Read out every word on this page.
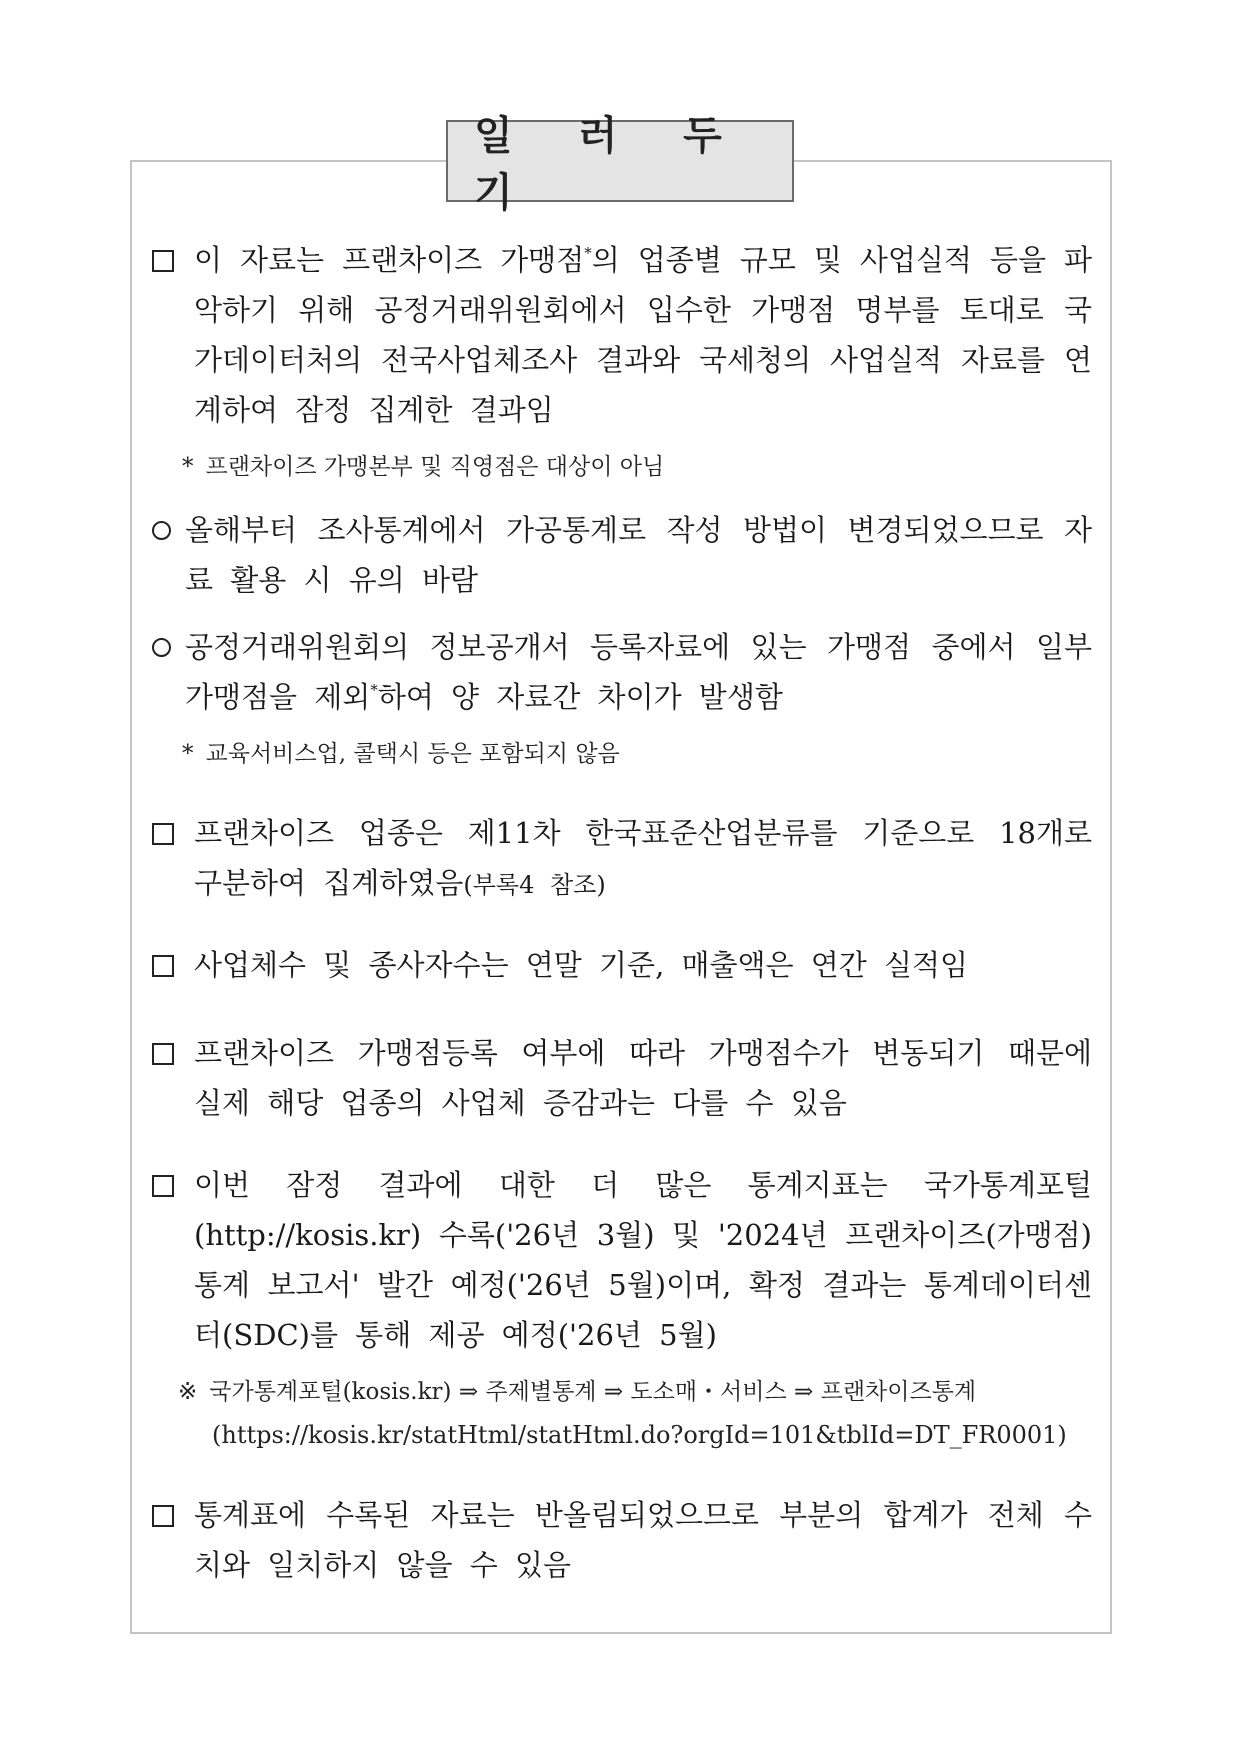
일 러 두 기
이 자료는 프랜차이즈 가맹점*의 업종별 규모 및 사업실적 등을 파악하기 위해 공정거래위원회에서 입수한 가맹점 명부를 토대로 국가데이터처의 전국사업체조사 결과와 국세청의 사업실적 자료를 연계하여 잠정 집계한 결과임
* 프랜차이즈 가맹본부 및 직영점은 대상이 아님
올해부터 조사통계에서 가공통계로 작성 방법이 변경되었으므로 자료 활용 시 유의 바람
공정거래위원회의 정보공개서 등록자료에 있는 가맹점 중에서 일부 가맹점을 제외*하여 양 자료간 차이가 발생함
* 교육서비스업, 콜택시 등은 포함되지 않음
프랜차이즈 업종은 제11차 한국표준산업분류를 기준으로 18개로 구분하여 집계하였음(부록4 참조)
사업체수 및 종사자수는 연말 기준, 매출액은 연간 실적임
프랜차이즈 가맹점등록 여부에 따라 가맹점수가 변동되기 때문에 실제 해당 업종의 사업체 증감과는 다를 수 있음
이번 잠정 결과에 대한 더 많은 통계지표는 국가통계포털 (http://kosis.kr) 수록('26년 3월) 및 '2024년 프랜차이즈(가맹점) 통계 보고서' 발간 예정('26년 5월)이며, 확정 결과는 통계데이터센터(SDC)를 통해 제공 예정('26년 5월)
※ 국가통계포털(kosis.kr) ⇒ 주제별통계 ⇒ 도소매・서비스 ⇒ 프랜차이즈통계
(https://kosis.kr/statHtml/statHtml.do?orgId=101&tblId=DT_FR0001)
통계표에 수록된 자료는 반올림되었으므로 부분의 합계가 전체 수치와 일치하지 않을 수 있음
